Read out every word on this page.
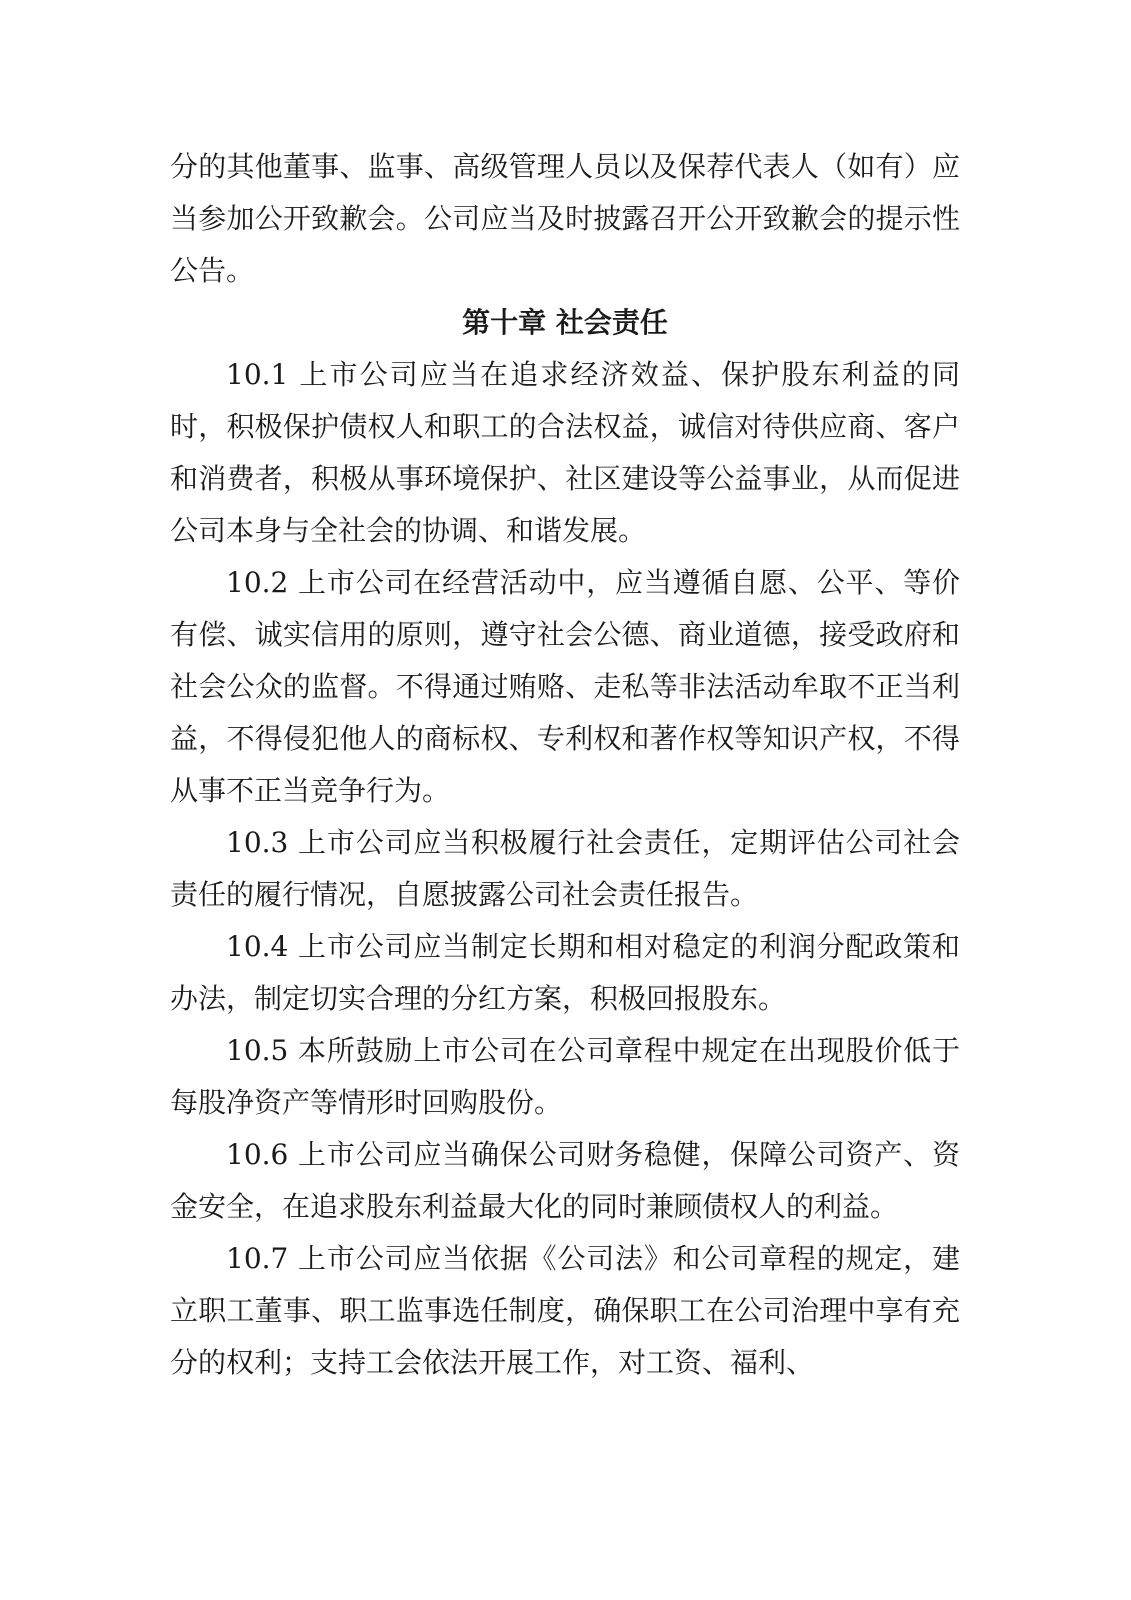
分的其他董事、监事、高级管理人员以及保荐代表人（如有）应当参加公开致歉会。公司应当及时披露召开公开致歉会的提示性公告。

第十章 社会责任

10.1 上市公司应当在追求经济效益、保护股东利益的同时，积极保护债权人和职工的合法权益，诚信对待供应商、客户和消费者，积极从事环境保护、社区建设等公益事业，从而促进公司本身与全社会的协调、和谐发展。

10.2 上市公司在经营活动中，应当遵循自愿、公平、等价有偿、诚实信用的原则，遵守社会公德、商业道德，接受政府和社会公众的监督。不得通过贿赂、走私等非法活动牟取不正当利益，不得侵犯他人的商标权、专利权和著作权等知识产权，不得从事不正当竞争行为。

10.3 上市公司应当积极履行社会责任，定期评估公司社会责任的履行情况，自愿披露公司社会责任报告。

10.4 上市公司应当制定长期和相对稳定的利润分配政策和办法，制定切实合理的分红方案，积极回报股东。

10.5 本所鼓励上市公司在公司章程中规定在出现股价低于每股净资产等情形时回购股份。

10.6 上市公司应当确保公司财务稳健，保障公司资产、资金安全，在追求股东利益最大化的同时兼顾债权人的利益。

10.7 上市公司应当依据《公司法》和公司章程的规定，建立职工董事、职工监事选任制度，确保职工在公司治理中享有充分的权利；支持工会依法开展工作，对工资、福利、
